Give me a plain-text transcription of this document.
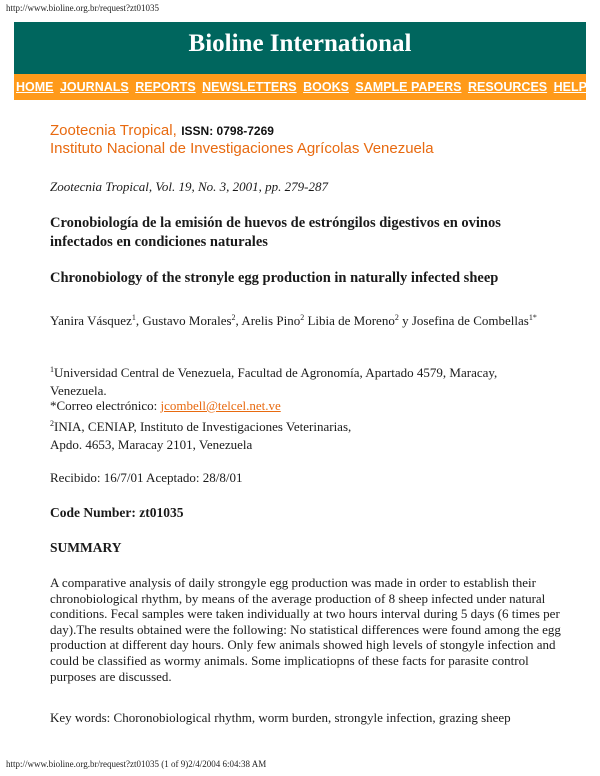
http://www.bioline.org.br/request?zt01035
Bioline International
HOME JOURNALS REPORTS NEWSLETTERS BOOKS SAMPLE PAPERS RESOURCES HELP
Zootecnia Tropical, ISSN: 0798-7269
Instituto Nacional de Investigaciones Agrícolas Venezuela
Zootecnia Tropical, Vol. 19, No. 3, 2001, pp. 279-287
Cronobiología de la emisión de huevos de estróngilos digestivos en ovinos infectados en condiciones naturales
Chronobiology of the stronyle egg production in naturally infected sheep
Yanira Vásquez$^1$, Gustavo Morales$^2$, Arelis Pino$^2$ Libia de Moreno$^2$ y Josefina de Combellas$^{1*}$
$^1$Universidad Central de Venezuela, Facultad de Agronomía, Apartado 4579, Maracay, Venezuela.
*Correo electrónico: jcombell@telcel.net.ve
$^2$INIA, CENIAP, Instituto de Investigaciones Veterinarias,
Apdo. 4653, Maracay 2101, Venezuela
Recibido: 16/7/01 Aceptado: 28/8/01
Code Number: zt01035
SUMMARY
A comparative analysis of daily strongyle egg production was made in order to establish their chronobiological rhythm, by means of the average production of 8 sheep infected under natural conditions. Fecal samples were taken individually at two hours interval during 5 days (6 times per day).The results obtained were the following: No statistical differences were found among the egg production at different day hours. Only few animals showed high levels of stongyle infection and could be classified as wormy animals. Some implicatiopns of these facts for parasite control purposes are discussed.
Key words: Choronobiological rhythm, worm burden, strongyle infection, grazing sheep
http://www.bioline.org.br/request?zt01035 (1 of 9)2/4/2004 6:04:38 AM
